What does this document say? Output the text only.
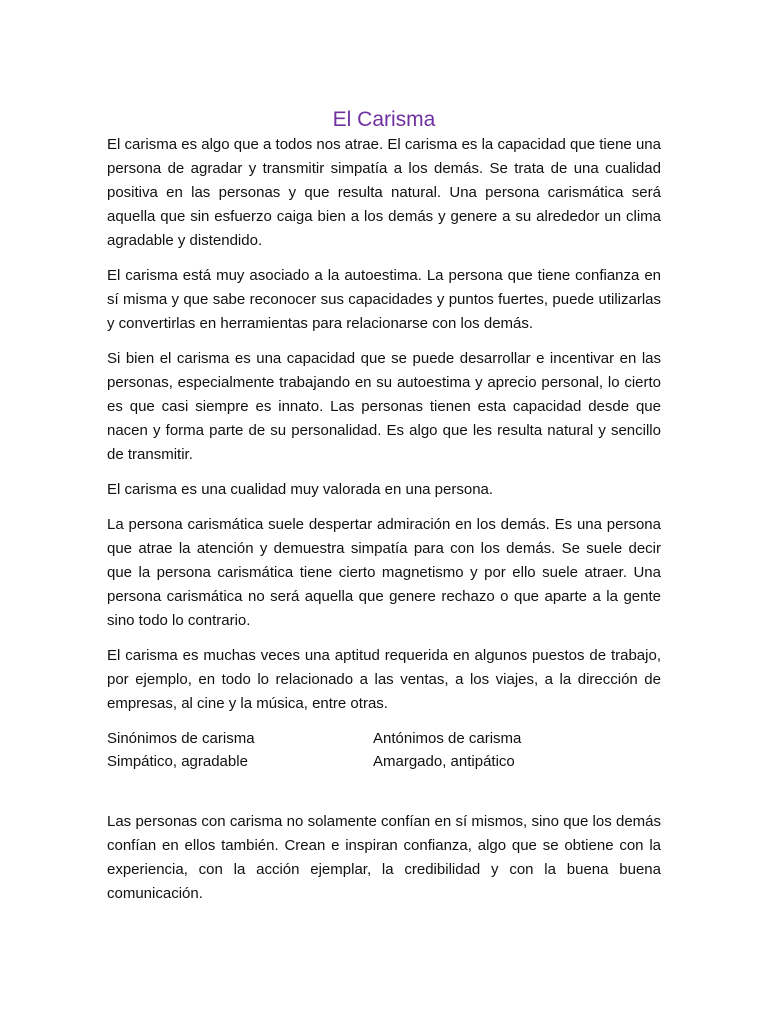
El Carisma

El carisma es algo que a todos nos atrae. El carisma es la capacidad que tiene una persona de agradar y transmitir simpatía a los demás. Se trata de una cualidad positiva en las personas y que resulta natural. Una persona carismática será aquella que sin esfuerzo caiga bien a los demás y genere a su alrededor un clima agradable y distendido.

El carisma está muy asociado a la autoestima. La persona que tiene confianza en sí misma y que sabe reconocer sus capacidades y puntos fuertes, puede utilizarlas y convertirlas en herramientas para relacionarse con los demás.

Si bien el carisma es una capacidad que se puede desarrollar e incentivar en las personas, especialmente trabajando en su autoestima y aprecio personal, lo cierto es que casi siempre es innato. Las personas tienen esta capacidad desde que nacen y forma parte de su personalidad. Es algo que les resulta natural y sencillo de transmitir.

El carisma es una cualidad muy valorada en una persona.

La persona carismática suele despertar admiración en los demás. Es una persona que atrae la atención y demuestra simpatía para con los demás. Se suele decir que la persona carismática tiene cierto magnetismo y por ello suele atraer. Una persona carismática no será aquella que genere rechazo o que aparte a la gente sino todo lo contrario.

El carisma es muchas veces una aptitud requerida en algunos puestos de trabajo, por ejemplo, en todo lo relacionado a las ventas, a los viajes, a la dirección de empresas, al cine y la música, entre otras.

Sinónimos de carisma	Antónimos de carisma
Simpático, agradable	Amargado, antipático

Las personas con carisma no solamente confían en sí mismos, sino que los demás confían en ellos también. Crean e inspiran confianza, algo que se obtiene con la experiencia, con la acción ejemplar, la credibilidad y con la buena buena comunicación.
